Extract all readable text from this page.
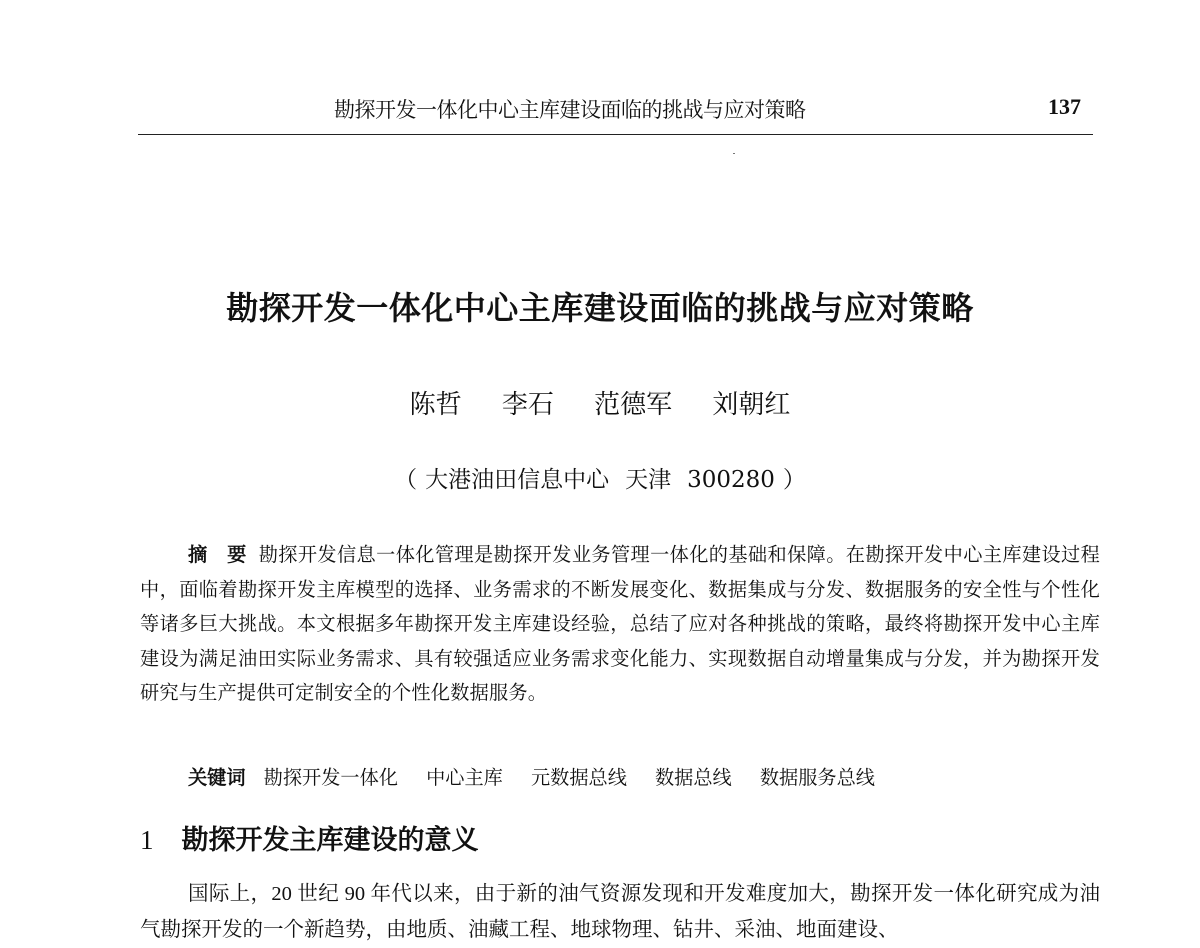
勘探开发一体化中心主库建设面临的挑战与应对策略	137
勘探开发一体化中心主库建设面临的挑战与应对策略
陈哲 李石 范德军 刘朝红
（ 大港油田信息中心 天津 300280 ）
摘　要 勘探开发信息一体化管理是勘探开发业务管理一体化的基础和保障。在勘探开发中心主库建设过程中，面临着勘探开发主库模型的选择、业务需求的不断发展变化、数据集成与分发、数据服务的安全性与个性化等诸多巨大挑战。本文根据多年勘探开发主库建设经验，总结了应对各种挑战的策略，最终将勘探开发中心主库建设为满足油田实际业务需求、具有较强适应业务需求变化能力、实现数据自动增量集成与分发，并为勘探开发研究与生产提供可定制安全的个性化数据服务。
关键词 勘探开发一体化 中心主库 元数据总线 数据总线 数据服务总线
1 勘探开发主库建设的意义
国际上，20 世纪 90 年代以来，由于新的油气资源发现和开发难度加大，勘探开发一体化研究成为油气勘探开发的一个新趋势，由地质、油藏工程、地球物理、钻井、采油、地面建设、
